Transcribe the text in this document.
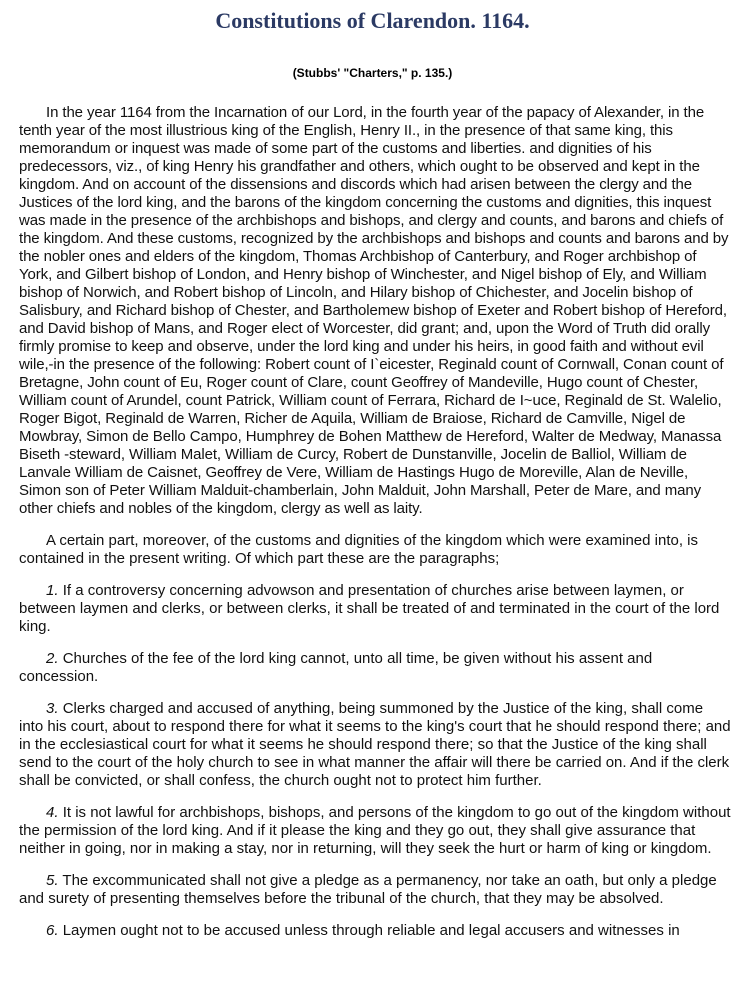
Constitutions of Clarendon. 1164.
(Stubbs' "Charters," p. 135.)

In the year 1164 from the Incarnation of our Lord, in the fourth year of the papacy of Alexander, in the tenth year of the most illustrious king of the English, Henry II., in the presence of that same king, this memorandum or inquest was made of some part of the customs and liberties. and dignities of his predecessors, viz., of king Henry his grandfather and others, which ought to be observed and kept in the kingdom. And on account of the dissensions and discords which had arisen between the clergy and the Justices of the lord king, and the barons of the kingdom concerning the customs and dignities, this inquest was made in the presence of the archbishops and bishops, and clergy and counts, and barons and chiefs of the kingdom. And these customs, recognized by the archbishops and bishops and counts and barons and by the nobler ones and elders of the kingdom, Thomas Archbishop of Canterbury, and Roger archbishop of York, and Gilbert bishop of London, and Henry bishop of Winchester, and Nigel bishop of Ely, and William bishop of Norwich, and Robert bishop of Lincoln, and Hilary bishop of Chichester, and Jocelin bishop of Salisbury, and Richard bishop of Chester, and Bartholemew bishop of Exeter and Robert bishop of Hereford, and David bishop of Mans, and Roger elect of Worcester, did grant; and, upon the Word of Truth did orally firmly promise to keep and observe, under the lord king and under his heirs, in good faith and without evil wile,-in the presence of the following: Robert count of I`eicester, Reginald count of Cornwall, Conan count of Bretagne, John count of Eu, Roger count of Clare, count Geoffrey of Mandeville, Hugo count of Chester, William count of Arundel, count Patrick, William count of Ferrara, Richard de I~uce, Reginald de St. Walelio, Roger Bigot, Reginald de Warren, Richer de Aquila, William de Braiose, Richard de Camville, Nigel de Mowbray, Simon de Bello Campo, Humphrey de Bohen Matthew de Hereford, Walter de Medway, Manassa Biseth -steward, William Malet, William de Curcy, Robert de Dunstanville, Jocelin de Balliol, William de Lanvale William de Caisnet, Geoffrey de Vere, William de Hastings Hugo de Moreville, Alan de Neville, Simon son of Peter William Malduit-chamberlain, John Malduit, John Marshall, Peter de Mare, and many other chiefs and nobles of the kingdom, clergy as well as laity.

A certain part, moreover, of the customs and dignities of the kingdom which were examined into, is contained in the present writing. Of which part these are the paragraphs;

1. If a controversy concerning advowson and presentation of churches arise between laymen, or between laymen and clerks, or between clerks, it shall be treated of and terminated in the court of the lord king.

2. Churches of the fee of the lord king cannot, unto all time, be given without his assent and concession.

3. Clerks charged and accused of anything, being summoned by the Justice of the king, shall come into his court, about to respond there for what it seems to the king's court that he should respond there; and in the ecclesiastical court for what it seems he should respond there; so that the Justice of the king shall send to the court of the holy church to see in what manner the affair will there be carried on. And if the clerk shall be convicted, or shall confess, the church ought not to protect him further.

4. It is not lawful for archbishops, bishops, and persons of the kingdom to go out of the kingdom without the permission of the lord king. And if it please the king and they go out, they shall give assurance that neither in going, nor in making a stay, nor in returning, will they seek the hurt or harm of king or kingdom.

5. The excommunicated shall not give a pledge as a permanency, nor take an oath, but only a pledge and surety of presenting themselves before the tribunal of the church, that they may be absolved.

6. Laymen ought not to be accused unless through reliable and legal accusers and witnesses in
